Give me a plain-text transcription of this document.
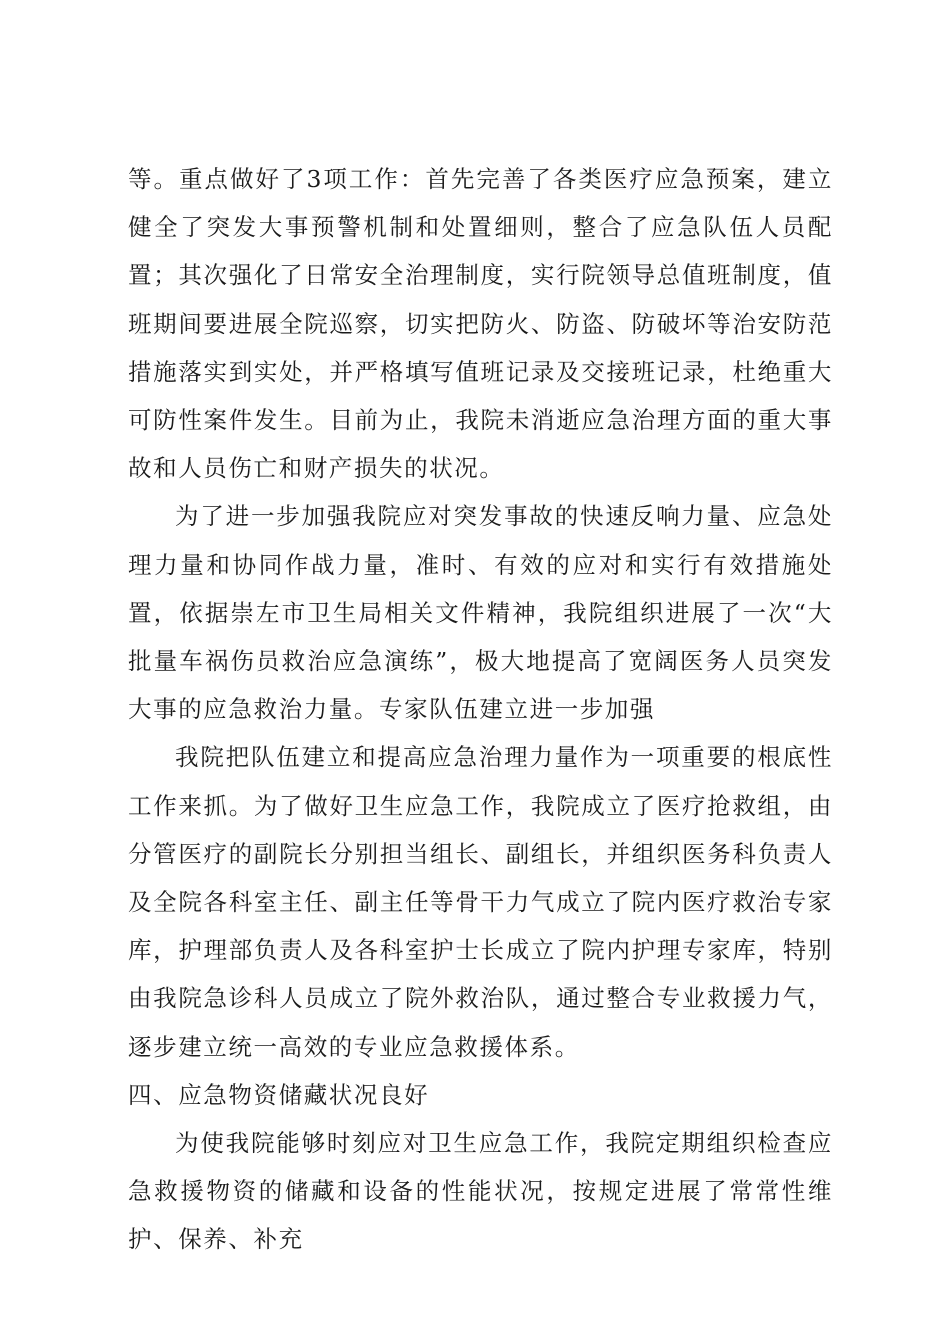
等。重点做好了3项工作：首先完善了各类医疗应急预案，建立健全了突发大事预警机制和处置细则，整合了应急队伍人员配置；其次强化了日常安全治理制度，实行院领导总值班制度，值班期间要进展全院巡察，切实把防火、防盗、防破坏等治安防范措施落实到实处，并严格填写值班记录及交接班记录，杜绝重大可防性案件发生。目前为止，我院未消逝应急治理方面的重大事故和人员伤亡和财产损失的状况。

为了进一步加强我院应对突发事故的快速反响力量、应急处理力量和协同作战力量，准时、有效的应对和实行有效措施处置，依据崇左市卫生局相关文件精神，我院组织进展了一次“大批量车祸伤员救治应急演练”，极大地提高了宽阔医务人员突发大事的应急救治力量。专家队伍建立进一步加强

我院把队伍建立和提高应急治理力量作为一项重要的根底性工作来抓。为了做好卫生应急工作，我院成立了医疗抢救组，由分管医疗的副院长分别担当组长、副组长，并组织医务科负责人及全院各科室主任、副主任等骨干力气成立了院内医疗救治专家库，护理部负责人及各科室护士长成立了院内护理专家库，特别由我院急诊科人员成立了院外救治队，通过整合专业救援力气，逐步建立统一高效的专业应急救援体系。

四、应急物资储藏状况良好

为使我院能够时刻应对卫生应急工作，我院定期组织检查应急救援物资的储藏和设备的性能状况，按规定进展了常常性维护、保养、补充
